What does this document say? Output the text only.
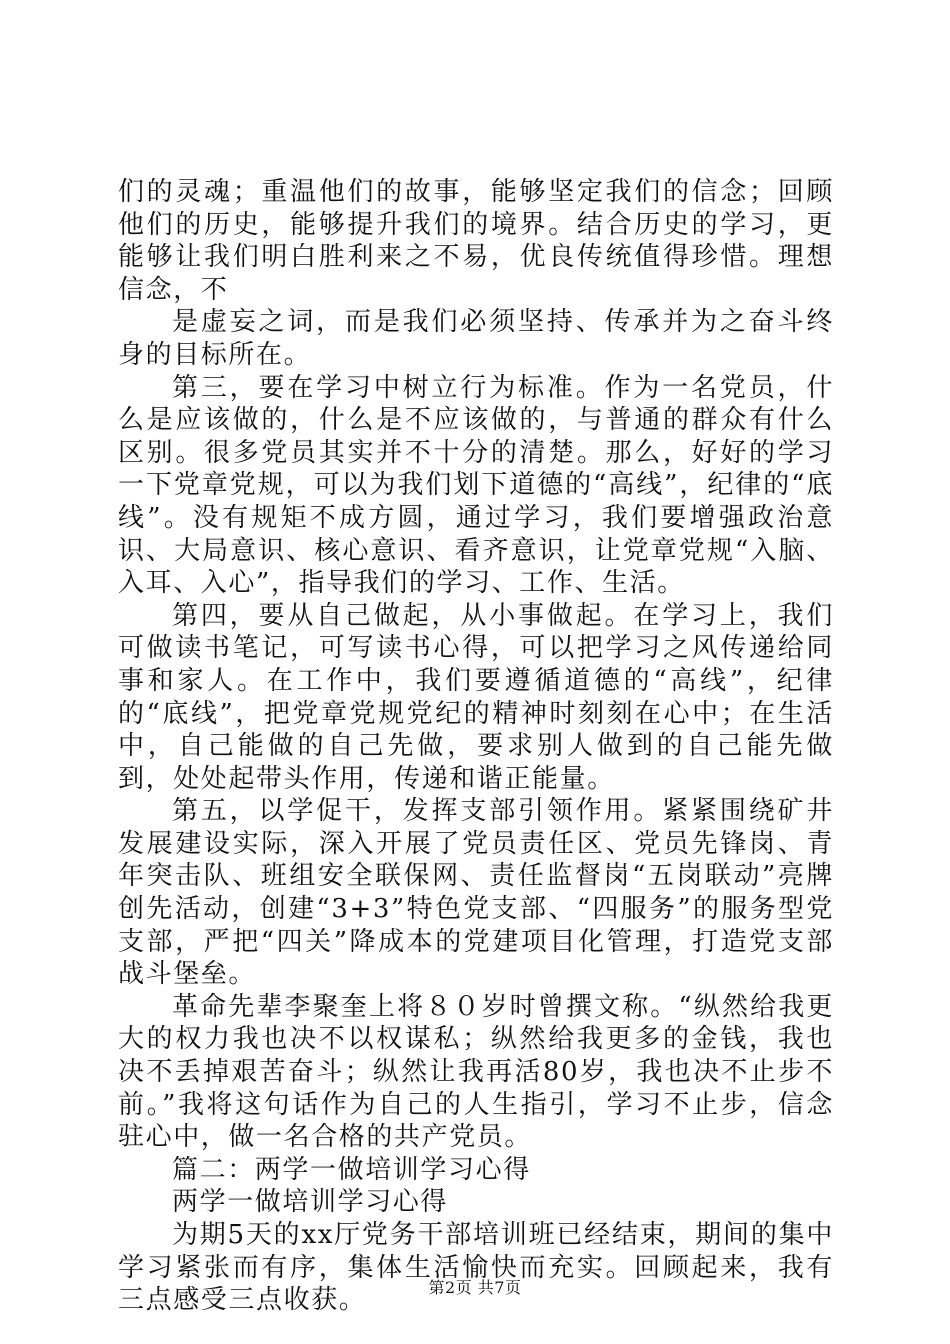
们的灵魂；重温他们的故事，能够坚定我们的信念；回顾他们的历史，能够提升我们的境界。结合历史的学习，更能够让我们明白胜利来之不易，优良传统值得珍惜。理想信念，不

是虚妄之词，而是我们必须坚持、传承并为之奋斗终身的目标所在。

第三，要在学习中树立行为标准。作为一名党员，什么是应该做的，什么是不应该做的，与普通的群众有什么区别。很多党员其实并不十分的清楚。那么，好好的学习一下党章党规，可以为我们划下道德的“高线”，纪律的“底线”。没有规矩不成方圆，通过学习，我们要增强政治意识、大局意识、核心意识、看齐意识，让党章党规“入脑、入耳、入心”，指导我们的学习、工作、生活。

第四，要从自己做起，从小事做起。在学习上，我们可做读书笔记，可写读书心得，可以把学习之风传递给同事和家人。在工作中，我们要遵循道德的“高线”，纪律的“底线”，把党章党规党纪的精神时刻刻在心中；在生活中，自己能做的自己先做，要求别人做到的自己能先做到，处处起带头作用，传递和谐正能量。

第五，以学促干，发挥支部引领作用。紧紧围绕矿井发展建设实际，深入开展了党员责任区、党员先锋岗、青年突击队、班组安全联保网、责任监督岗“五岗联动”亮牌创先活动，创建“3+3”特色党支部、“四服务”的服务型党支部，严把“四关”降成本的党建项目化管理，打造党支部战斗堡垒。

革命先辈李聚奎上将８０岁时曾撰文称。“纵然给我更大的权力我也决不以权谋私；纵然给我更多的金钱，我也决不丢掉艰苦奋斗；纵然让我再活80岁，我也决不止步不前。”我将这句话作为自己的人生指引，学习不止步，信念驻心中，做一名合格的共产党员。

篇二：两学一做培训学习心得

两学一做培训学习心得

为期5天的xx厅党务干部培训班已经结束，期间的集中学习紧张而有序，集体生活愉快而充实。回顾起来，我有三点感受三点收获。	第2页 共7页
